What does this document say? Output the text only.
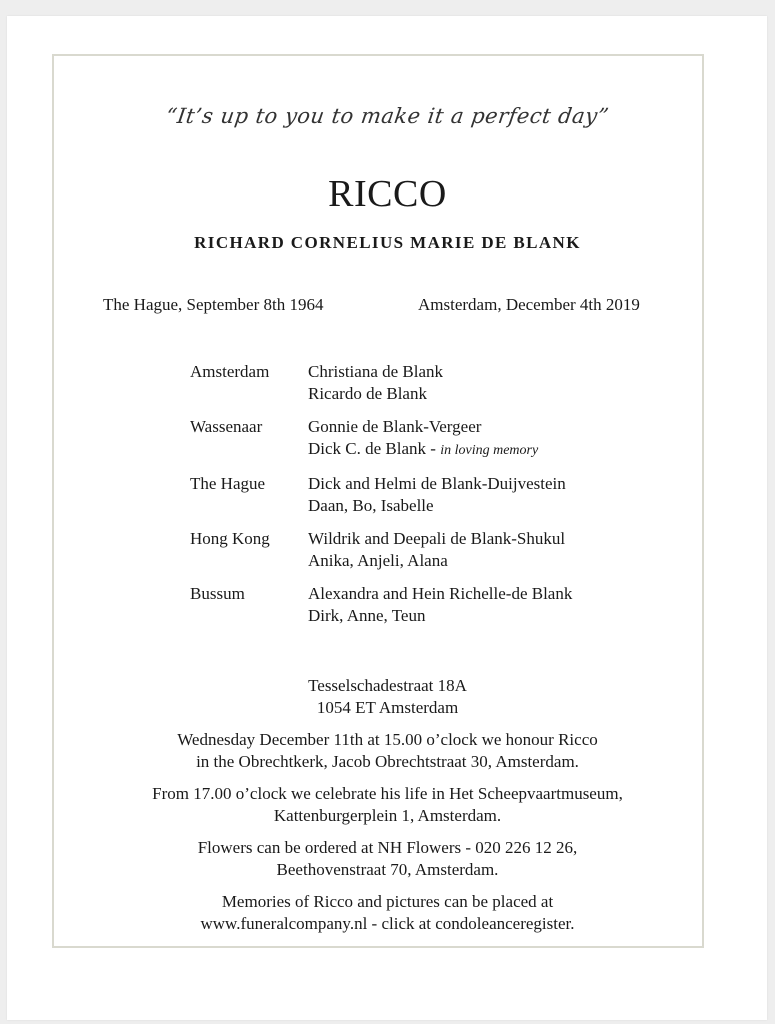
“It’s up to you to make it a perfect day”
RICCO
RICHARD CORNELIUS MARIE DE BLANK
The Hague, September 8th 1964	Amsterdam, December 4th 2019
Amsterdam	Christiana de Blank
Ricardo de Blank
Wassenaar	Gonnie de Blank-Vergeer
Dick C. de Blank - in loving memory
The Hague	Dick and Helmi de Blank-Duijvestein
Daan, Bo, Isabelle
Hong Kong	Wildrik and Deepali de Blank-Shukul
Anika, Anjeli, Alana
Bussum	Alexandra and Hein Richelle-de Blank
Dirk, Anne, Teun

Tesselschadestraat 18A
1054 ET Amsterdam

Wednesday December 11th at 15.00 o’clock we honour Ricco
in the Obrechtkerk, Jacob Obrechtstraat 30, Amsterdam.

From 17.00 o’clock we celebrate his life in Het Scheepvaartmuseum,
Kattenburgerplein 1, Amsterdam.

Flowers can be ordered at NH Flowers - 020 226 12 26,
Beethovenstraat 70, Amsterdam.

Memories of Ricco and pictures can be placed at
www.funeralcompany.nl - click at condoleanceregister.
